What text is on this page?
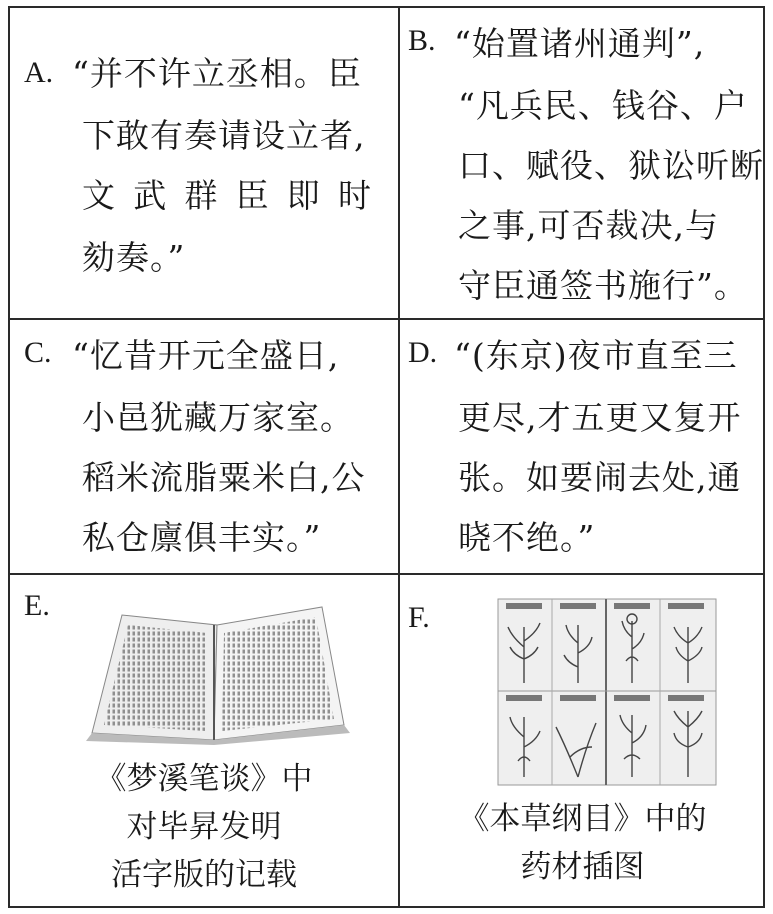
A. “并不许立丞相。臣
下敢有奏请设立者,
文武群臣即时
劾奏。”
B. “始置诸州通判”,
“凡兵民、钱谷、户
口、赋役、狱讼听断
之事,可否裁决,与
守臣通签书施行”。
C. “忆昔开元全盛日,
小邑犹藏万家室。
稻米流脂粟米白,公
私仓廪俱丰实。”
D. “(东京)夜市直至三
更尽,才五更又复开
张。如要闹去处,通
晓不绝。”
E.
《梦溪笔谈》中
对毕昇发明
活字版的记载
F.
《本草纲目》中的
药材插图
